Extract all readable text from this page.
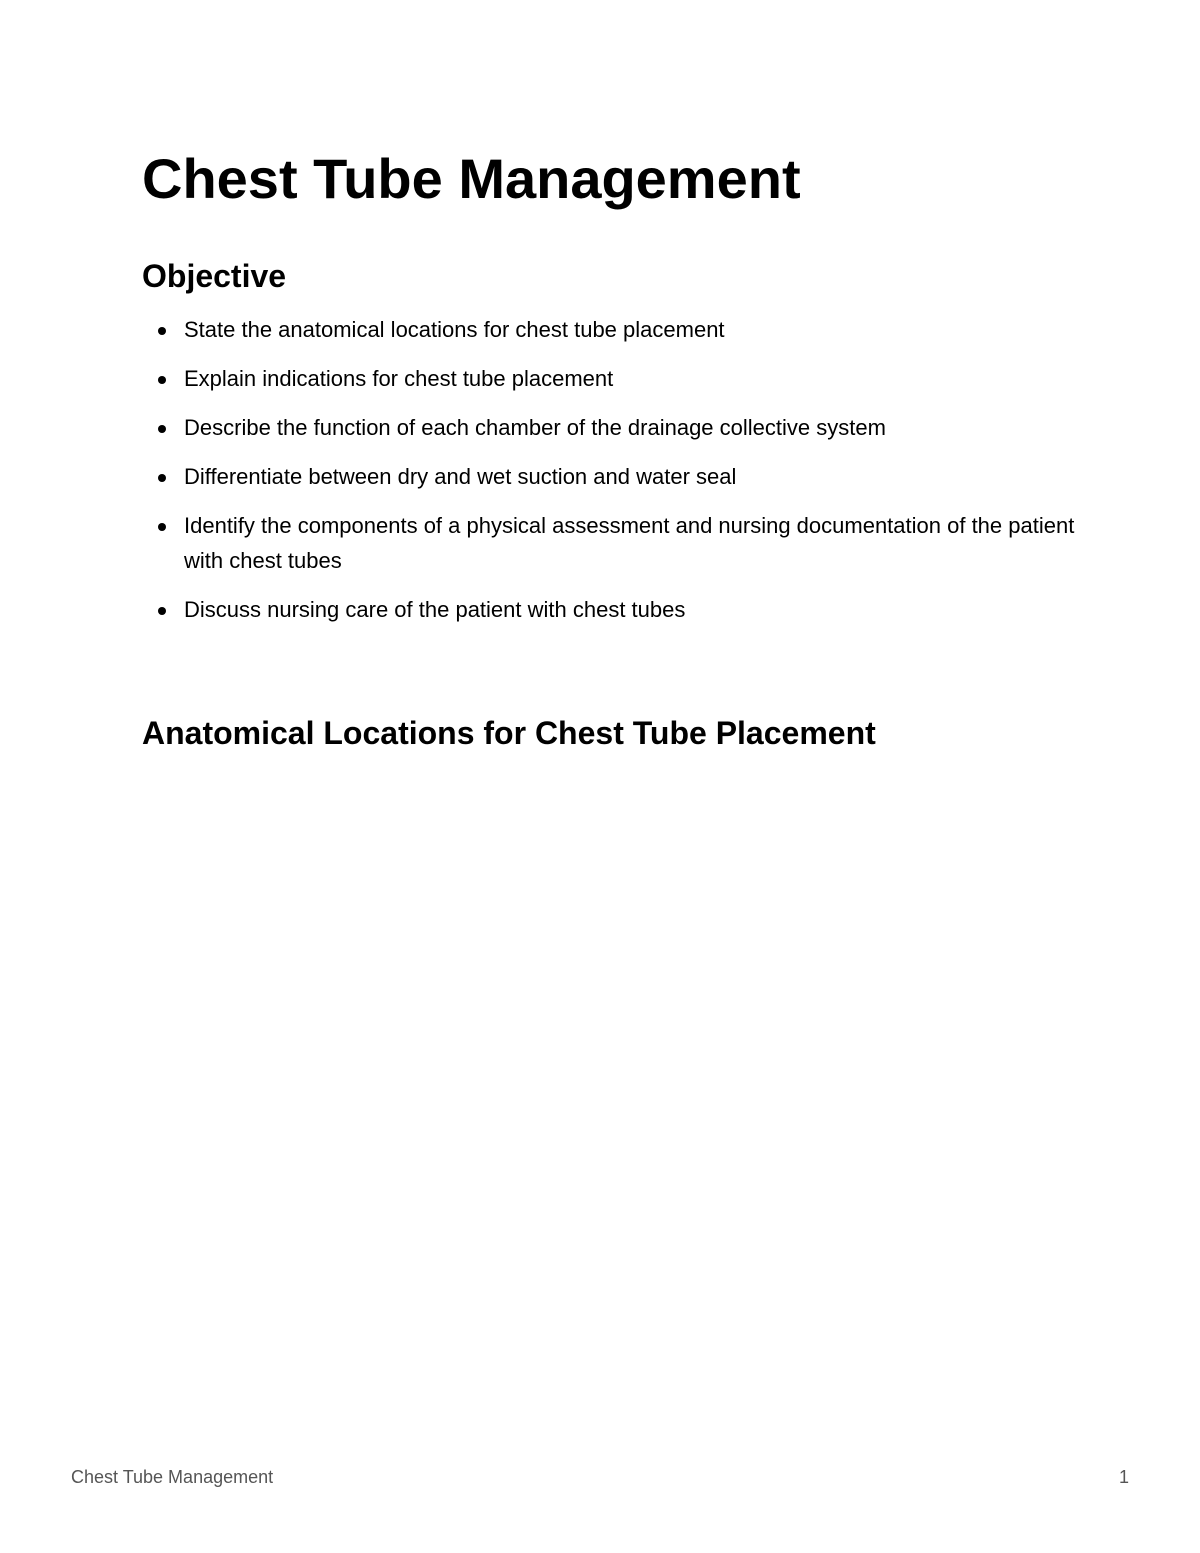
Chest Tube Management
Objective
State the anatomical locations for chest tube placement
Explain indications for chest tube placement
Describe the function of each chamber of the drainage collective system
Differentiate between dry and wet suction and water seal
Identify the components of a physical assessment and nursing documentation of the patient with chest tubes
Discuss nursing care of the patient with chest tubes
Anatomical Locations for Chest Tube Placement
Chest Tube Management	1
